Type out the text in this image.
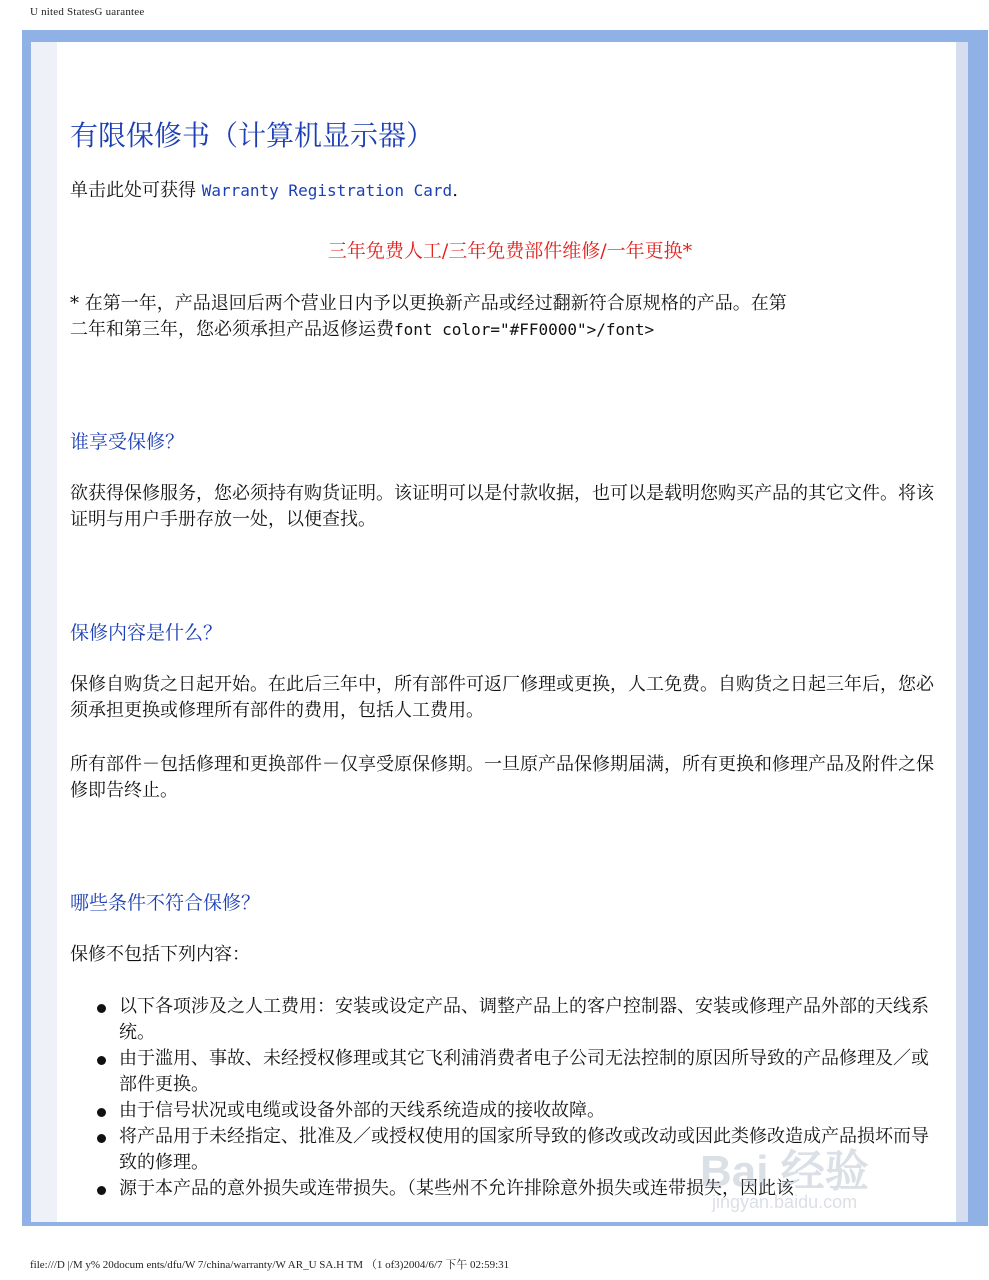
U nited StatesG uarantee
有限保修书（计算机显示器）

单击此处可获得 Warranty Registration Card.

三年免费人工/三年免费部件维修/一年更换*

* 在第一年，产品退回后两个营业日内予以更换新产品或经过翻新符合原规格的产品。在第
二年和第三年，您必须承担产品返修运费font color="#FF0000">/font>

谁享受保修？

欲获得保修服务，您必须持有购货证明。该证明可以是付款收据，也可以是载明您购买产品的其它文件。将该证明与用户手册存放一处，以便查找。

保修内容是什么？

保修自购货之日起开始。在此后三年中，所有部件可返厂修理或更换，人工免费。自购货之日起三年后，您必须承担更换或修理所有部件的费用，包括人工费用。

所有部件－包括修理和更换部件－仅享受原保修期。一旦原产品保修期届满，所有更换和修理产品及附件之保修即告终止。

哪些条件不符合保修？

保修不包括下列内容：

以下各项涉及之人工费用：安装或设定产品、调整产品上的客户控制器、安装或修理产品外部的天线系统。
由于滥用、事故、未经授权修理或其它飞利浦消费者电子公司无法控制的原因所导致的产品修理及／或部件更换。
由于信号状况或电缆或设备外部的天线系统造成的接收故障。
将产品用于未经指定、批准及／或授权使用的国家所导致的修改或改动或因此类修改造成产品损坏而导致的修理。
源于本产品的意外损失或连带损失。（某些州不允许排除意外损失或连带损失，因此该
Bai 经验
jingyan.baidu.com
file:///D |/M y% 20docum ents/dfu/W 7/china/warranty/W AR_U SA.H TM （1 of3)2004/6/7 下午 02:59:31
